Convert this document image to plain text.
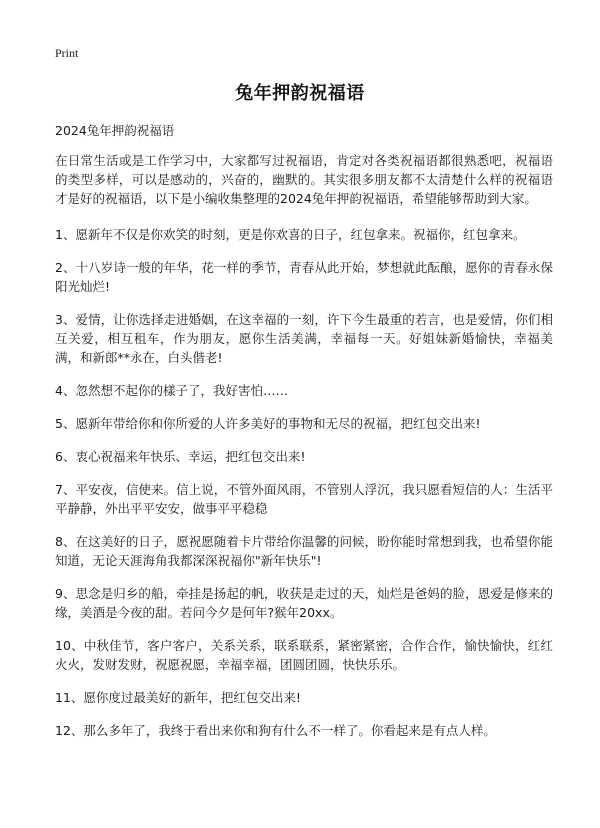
Print
兔年押韵祝福语
2024兔年押韵祝福语

在日常生活或是工作学习中，大家都写过祝福语，肯定对各类祝福语都很熟悉吧，祝福语的类型多样，可以是感动的，兴奋的，幽默的。其实很多朋友都不太清楚什么样的祝福语才是好的祝福语，以下是小编收集整理的2024兔年押韵祝福语，希望能够帮助到大家。

1、愿新年不仅是你欢笑的时刻，更是你欢喜的日子，红包拿来。祝福你，红包拿来。

2、十八岁诗一般的年华，花一样的季节，青春从此开始，梦想就此酝酿，愿你的青春永保阳光灿烂!

3、爱情，让你选择走进婚姻，在这幸福的一刻，许下今生最重的若言，也是爱情，你们相互关爱，相互租车，作为朋友，愿你生活美满，幸福每一天。好姐妹新婚愉快，幸福美满，和新郎**永在，白头偕老!

4、忽然想不起你的樣子了，我好害怕……

5、愿新年带给你和你所爱的人许多美好的事物和无尽的祝福，把红包交出来!

6、衷心祝福来年快乐、幸运，把红包交出来!

7、平安夜，信使来。信上说，不管外面风雨，不管别人浮沉，我只愿看短信的人：生活平平静静，外出平平安安，做事平平稳稳

8、在这美好的日子，愿祝愿随着卡片带给你温馨的问候，盼你能时常想到我，也希望你能知道，无论天涯海角我都深深祝福你"新年快乐"!

9、思念是归乡的船，牵挂是扬起的帆，收获是走过的天，灿烂是爸妈的脸，恩爱是修来的缘，美酒是今夜的甜。若问今夕是何年?猴年20xx。

10、中秋佳节，客户客户，关系关系，联系联系，紧密紧密，合作合作，愉快愉快，红红火火，发财发财，祝愿祝愿，幸福幸福，团圆团圆，快快乐乐。

11、愿你度过最美好的新年，把红包交出来!

12、那么多年了，我终于看出来你和狗有什么不一样了。你看起来是有点人样。
